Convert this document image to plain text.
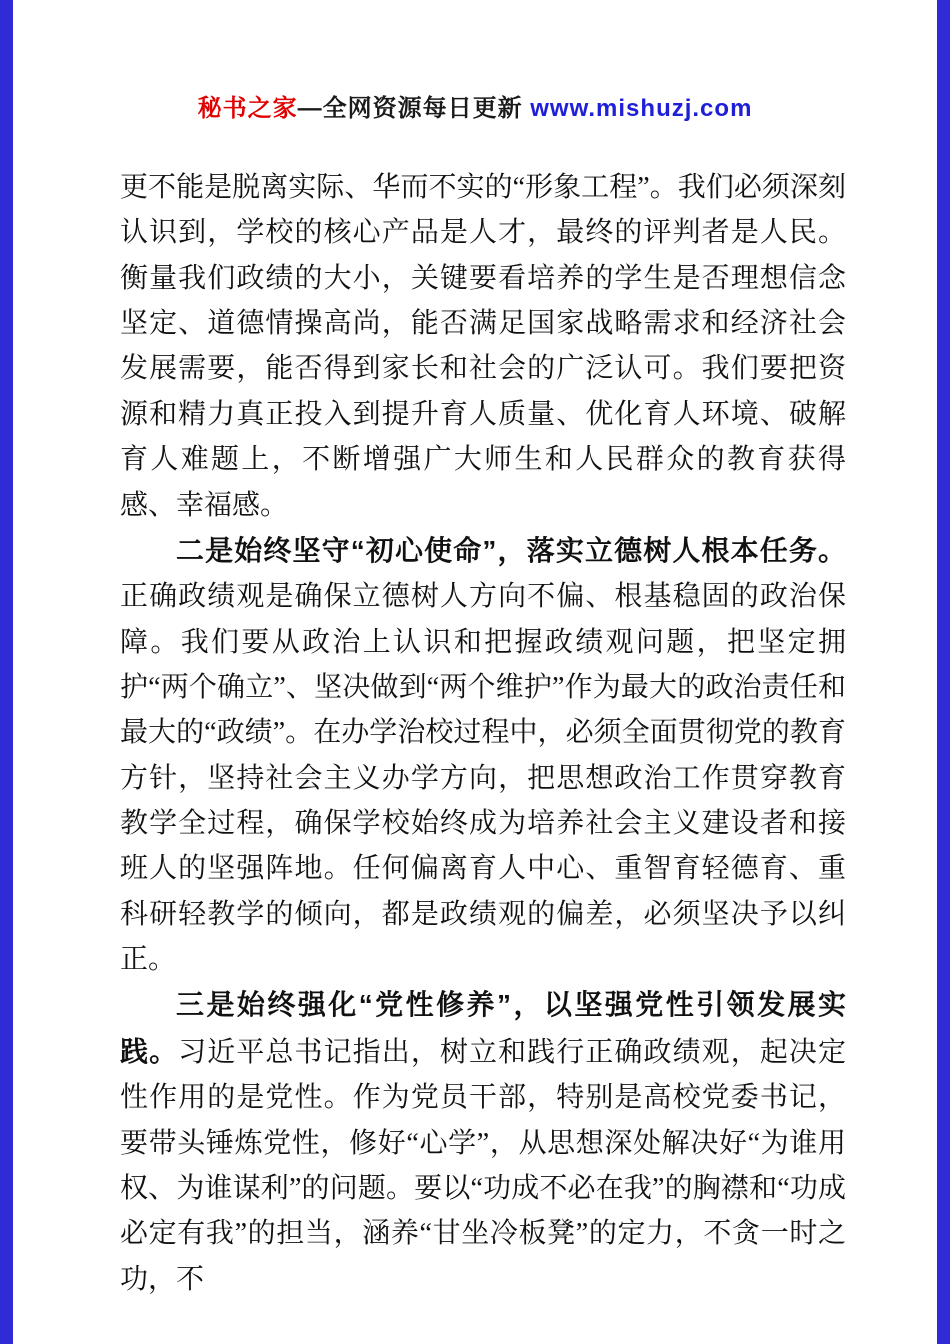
秘书之家—全网资源每日更新 www.mishuzj.com

更不能是脱离实际、华而不实的“形象工程”。我们必须深刻认识到，学校的核心产品是人才，最终的评判者是人民。衡量我们政绩的大小，关键要看培养的学生是否理想信念坚定、道德情操高尚，能否满足国家战略需求和经济社会发展需要，能否得到家长和社会的广泛认可。我们要把资源和精力真正投入到提升育人质量、优化育人环境、破解育人难题上，不断增强广大师生和人民群众的教育获得感、幸福感。

二是始终坚守“初心使命”，落实立德树人根本任务。正确政绩观是确保立德树人方向不偏、根基稳固的政治保障。我们要从政治上认识和把握政绩观问题，把坚定拥护“两个确立”、坚决做到“两个维护”作为最大的政治责任和最大的“政绩”。在办学治校过程中，必须全面贯彻党的教育方针，坚持社会主义办学方向，把思想政治工作贯穿教育教学全过程，确保学校始终成为培养社会主义建设者和接班人的坚强阵地。任何偏离育人中心、重智育轻德育、重科研轻教学的倾向，都是政绩观的偏差，必须坚决予以纠正。

三是始终强化“党性修养”，以坚强党性引领发展实践。习近平总书记指出，树立和践行正确政绩观，起决定性作用的是党性。作为党员干部，特别是高校党委书记，要带头锤炼党性，修好“心学”，从思想深处解决好“为谁用权、为谁谋利”的问题。要以“功成不必在我”的胸襟和“功成必定有我”的担当，涵养“甘坐冷板凳”的定力，不贪一时之功，不
